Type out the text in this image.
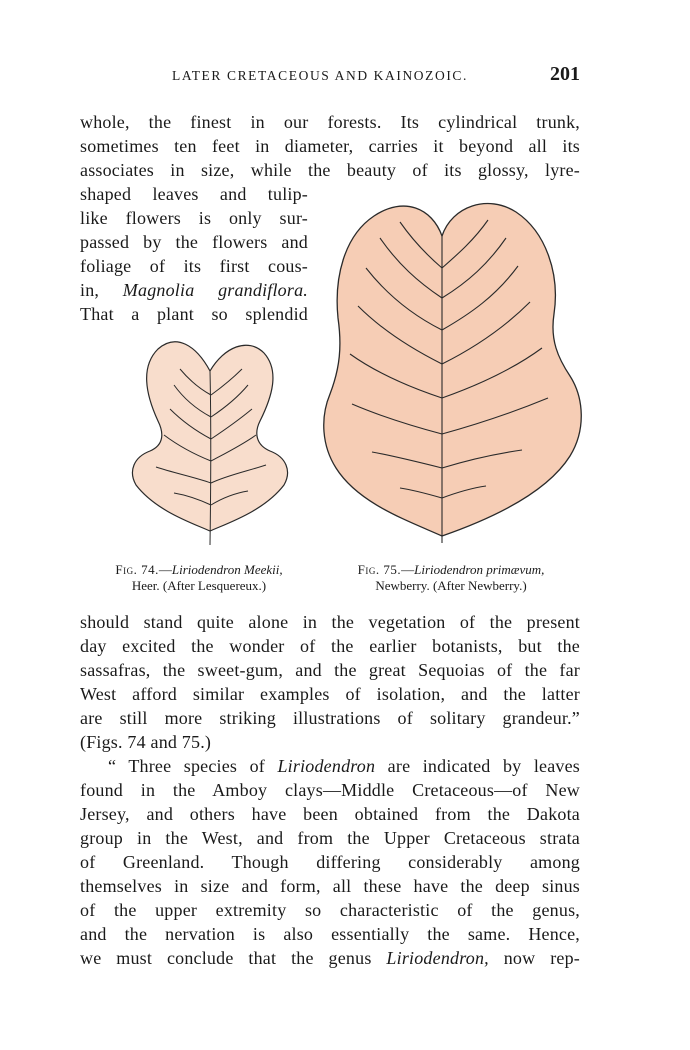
LATER CRETACEOUS AND KAINOZOIC.	201
whole, the finest in our forests. Its cylindrical trunk,
sometimes ten feet in diameter, carries it beyond all its
associates in size, while the beauty of its glossy, lyre-
shaped leaves and tulip-
like flowers is only sur-
passed by the flowers and
foliage of its first cous-
in, Magnolia grandiflora.
That a plant so splendid
Fig. 74.—Liriodendron Meekii,
Heer. (After Lesquereux.)
Fig. 75.—Liriodendron primævum,
Newberry. (After Newberry.)
should stand quite alone in the vegetation of the present
day excited the wonder of the earlier botanists, but the
sassafras, the sweet-gum, and the great Sequoias of the far
West afford similar examples of isolation, and the latter
are still more striking illustrations of solitary grandeur.”
(Figs. 74 and 75.)
“ Three species of Liriodendron are indicated by leaves
found in the Amboy clays—Middle Cretaceous—of New
Jersey, and others have been obtained from the Dakota
group in the West, and from the Upper Cretaceous strata
of Greenland. Though differing considerably among
themselves in size and form, all these have the deep sinus
of the upper extremity so characteristic of the genus,
and the nervation is also essentially the same. Hence,
we must conclude that the genus Liriodendron, now rep-
